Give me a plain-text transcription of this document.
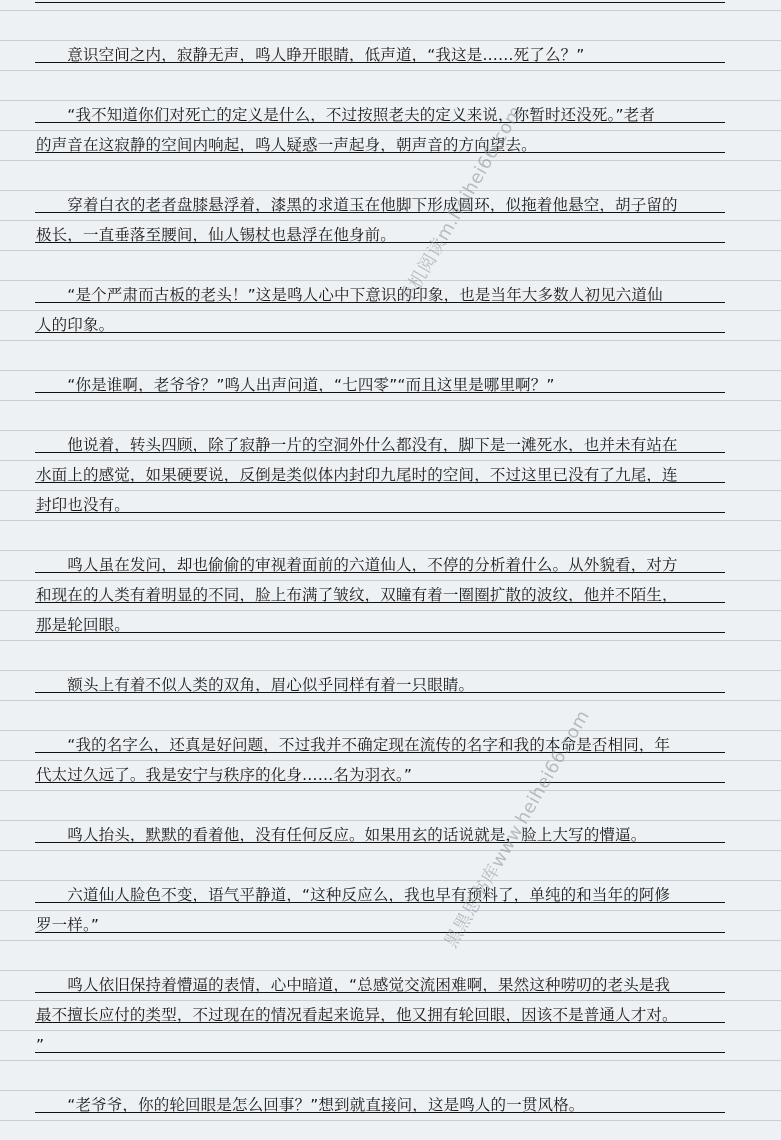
　　意识空间之内，寂静无声，鸣人睁开眼睛，低声道，“我这是……死了么？”
　　“我不知道你们对死亡的定义是什么，不过按照老夫的定义来说，你暂时还没死。”老者
的声音在这寂静的空间内响起，鸣人疑惑一声起身，朝声音的方向望去。
　　穿着白衣的老者盘膝悬浮着，漆黑的求道玉在他脚下形成圆环，似拖着他悬空，胡子留的
极长，一直垂落至腰间，仙人锡杖也悬浮在他身前。
　　“是个严肃而古板的老头！”这是鸣人心中下意识的印象，也是当年大多数人初见六道仙
人的印象。
　　“你是谁啊，老爷爷？”鸣人出声问道，“七四零”“而且这里是哪里啊？”
　　他说着，转头四顾，除了寂静一片的空洞外什么都没有，脚下是一滩死水，也并未有站在
水面上的感觉，如果硬要说，反倒是类似体内封印九尾时的空间，不过这里已没有了九尾，连
封印也没有。
　　鸣人虽在发问，却也偷偷的审视着面前的六道仙人，不停的分析着什么。从外貌看，对方
和现在的人类有着明显的不同，脸上布满了皱纹，双瞳有着一圈圈扩散的波纹，他并不陌生，
那是轮回眼。
　　额头上有着不似人类的双角，眉心似乎同样有着一只眼睛。
　　“我的名字么，还真是好问题，不过我并不确定现在流传的名字和我的本命是否相同，年
代太过久远了。我是安宁与秩序的化身……名为羽衣。”
　　鸣人抬头，默默的看着他，没有任何反应。如果用玄的话说就是，脸上大写的懵逼。
　　六道仙人脸色不变，语气平静道，“这种反应么，我也早有预料了，单纯的和当年的阿修
罗一样。”
　　鸣人依旧保持着懵逼的表情，心中暗道，“总感觉交流困难啊，果然这种唠叨的老头是我
最不擅长应付的类型，不过现在的情况看起来诡异，他又拥有轮回眼，因该不是普通人才对。
”
　　“老爷爷，你的轮回眼是怎么回事？”想到就直接问，这是鸣人的一贯风格。
手机阅读m.heihei66.com
黑黑思书库www.heihei66.com
